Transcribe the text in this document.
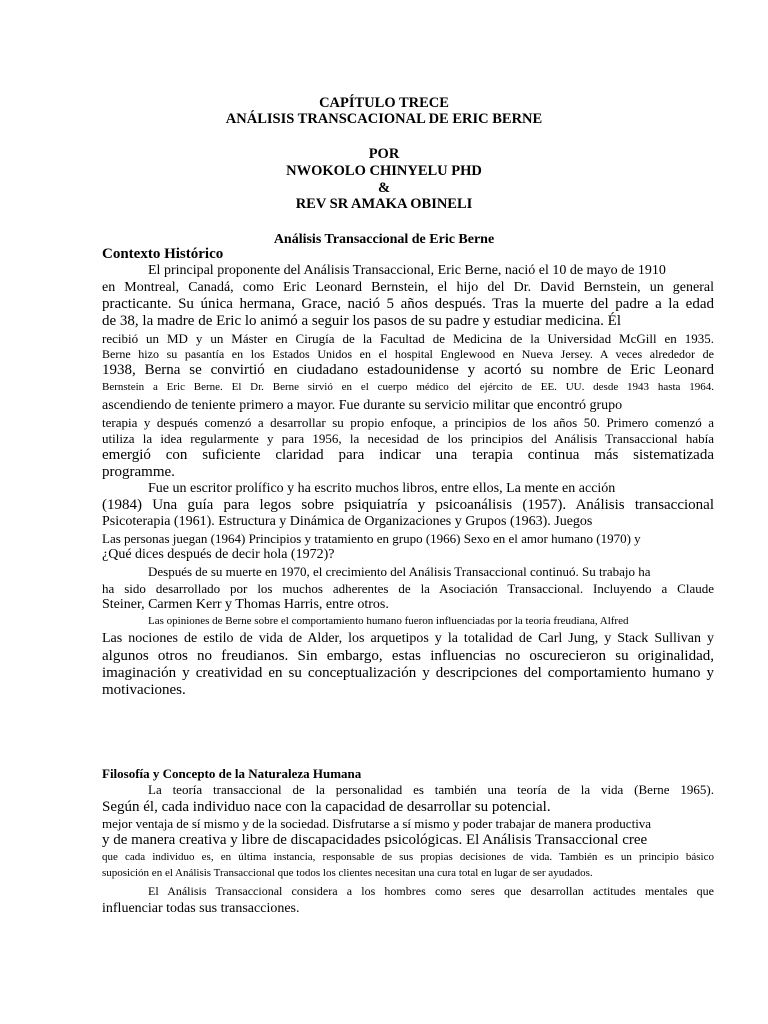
CAPÍTULO TRECE
ANÁLISIS TRANSCACIONAL DE ERIC BERNE
POR
NWOKOLO CHINYELU PHD
&
REV SR AMAKA OBINELI
Análisis Transaccional de Eric Berne
Contexto Histórico
El principal proponente del Análisis Transaccional, Eric Berne, nació el 10 de mayo de 1910
en Montreal, Canadá, como Eric Leonard Bernstein, el hijo del Dr. David Bernstein, un general
practicante. Su única hermana, Grace, nació 5 años después. Tras la muerte del padre a la edad
de 38, la madre de Eric lo animó a seguir los pasos de su padre y estudiar medicina. Él
recibió un MD y un Máster en Cirugía de la Facultad de Medicina de la Universidad McGill en 1935.
Berne hizo su pasantía en los Estados Unidos en el hospital Englewood en Nueva Jersey. A veces alrededor de
1938, Berna se convirtió en ciudadano estadounidense y acortó su nombre de Eric Leonard
Bernstein a Eric Berne. El Dr. Berne sirvió en el cuerpo médico del ejército de EE. UU. desde 1943 hasta 1964.
ascendiendo de teniente primero a mayor. Fue durante su servicio militar que encontró grupo
terapia y después comenzó a desarrollar su propio enfoque, a principios de los años 50. Primero comenzó a
utiliza la idea regularmente y para 1956, la necesidad de los principios del Análisis Transaccional había
emergió con suficiente claridad para indicar una terapia continua más sistematizada
programme.
Fue un escritor prolífico y ha escrito muchos libros, entre ellos, La mente en acción
(1984) Una guía para legos sobre psiquiatría y psicoanálisis (1957). Análisis transaccional
Psicoterapia (1961). Estructura y Dinámica de Organizaciones y Grupos (1963). Juegos
Las personas juegan (1964) Principios y tratamiento en grupo (1966) Sexo en el amor humano (1970) y
¿Qué dices después de decir hola (1972)?
Después de su muerte en 1970, el crecimiento del Análisis Transaccional continuó. Su trabajo ha
ha sido desarrollado por los muchos adherentes de la Asociación Transaccional. Incluyendo a Claude
Steiner, Carmen Kerr y Thomas Harris, entre otros.
Las opiniones de Berne sobre el comportamiento humano fueron influenciadas por la teoría freudiana, Alfred
Las nociones de estilo de vida de Alder, los arquetipos y la totalidad de Carl Jung, y Stack Sullivan y
algunos otros no freudianos. Sin embargo, estas influencias no oscurecieron su originalidad,
imaginación y creatividad en su conceptualización y descripciones del comportamiento humano y
motivaciones.
Filosofía y Concepto de la Naturaleza Humana
La teoría transaccional de la personalidad es también una teoría de la vida (Berne 1965).
Según él, cada individuo nace con la capacidad de desarrollar su potencial.
mejor ventaja de sí mismo y de la sociedad. Disfrutarse a sí mismo y poder trabajar de manera productiva
y de manera creativa y libre de discapacidades psicológicas. El Análisis Transaccional cree
que cada individuo es, en última instancia, responsable de sus propias decisiones de vida. También es un principio básico
suposición en el Análisis Transaccional que todos los clientes necesitan una cura total en lugar de ser ayudados.
El Análisis Transaccional considera a los hombres como seres que desarrollan actitudes mentales que
influenciar todas sus transacciones.
